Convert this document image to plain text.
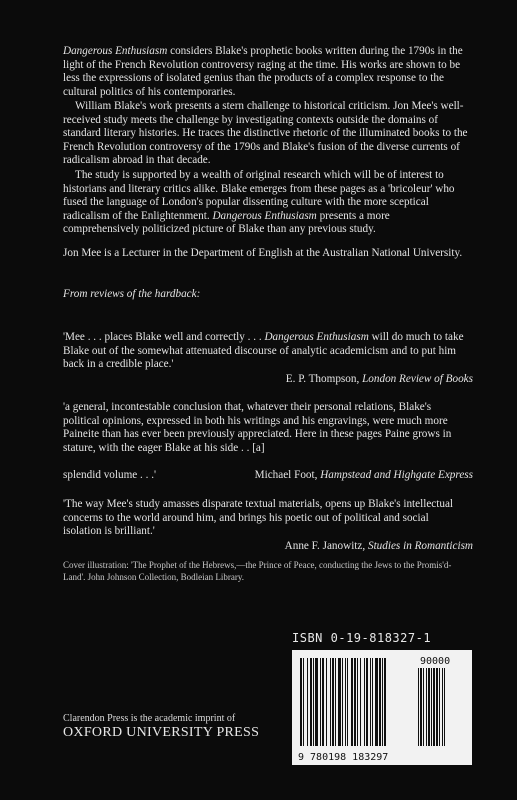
Dangerous Enthusiasm considers Blake's prophetic books written during the 1790s in the light of the French Revolution controversy raging at the time. His works are shown to be less the expressions of isolated genius than the products of a complex response to the cultural politics of his contemporaries.

William Blake's work presents a stern challenge to historical criticism. Jon Mee's well-received study meets the challenge by investigating contexts outside the domains of standard literary histories. He traces the distinctive rhetoric of the illuminated books to the French Revolution controversy of the 1790s and Blake's fusion of the diverse currents of radicalism abroad in that decade.

The study is supported by a wealth of original research which will be of interest to historians and literary critics alike. Blake emerges from these pages as a 'bricoleur' who fused the language of London's popular dissenting culture with the more sceptical radicalism of the Enlightenment. Dangerous Enthusiasm presents a more comprehensively politicized picture of Blake than any previous study.

Jon Mee is a Lecturer in the Department of English at the Australian National University.

From reviews of the hardback:

'Mee . . . places Blake well and correctly . . . Dangerous Enthusiasm will do much to take Blake out of the somewhat attenuated discourse of analytic academicism and to put him back in a credible place.'

E. P. Thompson, London Review of Books

'a general, incontestable conclusion that, whatever their personal relations, Blake's political opinions, expressed in both his writings and his engravings, were much more Paineite than has ever been previously appreciated. Here in these pages Paine grows in stature, with the eager Blake at his side . . [a]

splendid volume . . .'	Michael Foot, Hampstead and Highgate Express

'The way Mee's study amasses disparate textual materials, opens up Blake's intellectual concerns to the world around him, and brings his poetic out of political and social isolation is brilliant.'

Anne F. Janowitz, Studies in Romanticism
Cover illustration: 'The Prophet of the Hebrews,—the Prince of Peace, conducting the Jews to the Promis'd-Land'. John Johnson Collection, Bodleian Library.
ISBN 0-19-818327-1
9 780198 183297
90000
Clarendon Press is the academic imprint of
OXFORD UNIVERSITY PRESS
